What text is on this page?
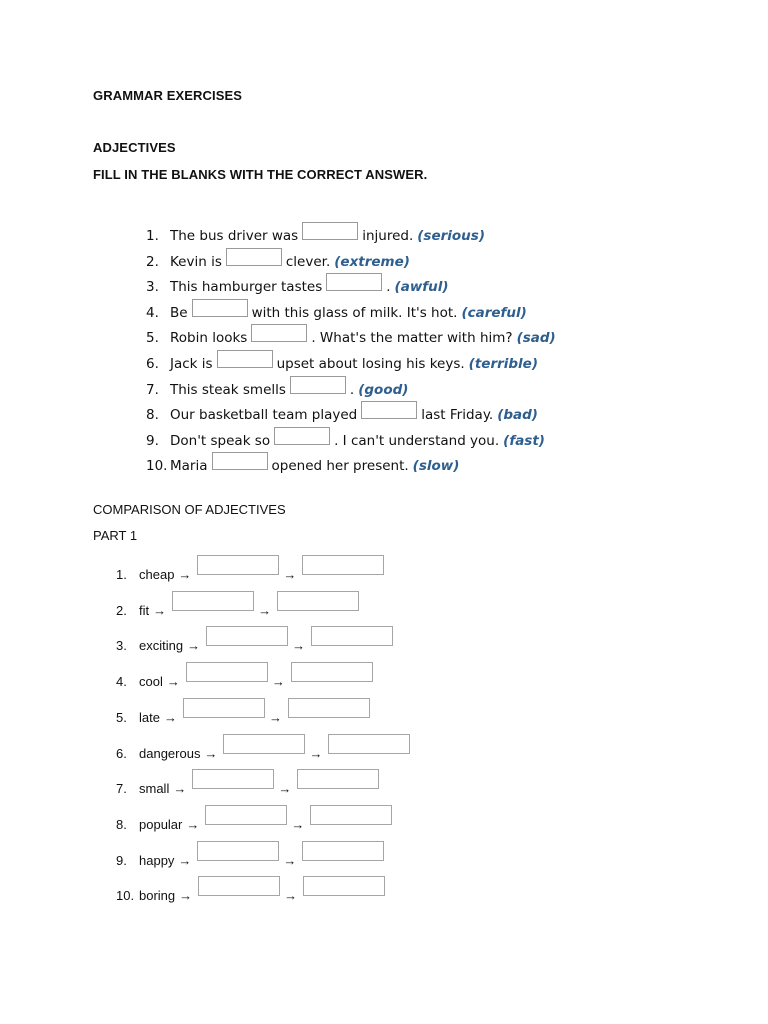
GRAMMAR EXERCISES
ADJECTIVES
FILL IN THE BLANKS WITH THE CORRECT ANSWER.
1. The bus driver was	injured. (serious)
2. Kevin is	clever. (extreme)
3. This hamburger tastes	. (awful)
4. Be	with this glass of milk. It's hot. (careful)
5. Robin looks	. What's the matter with him? (sad)
6. Jack is	upset about losing his keys. (terrible)
7. This steak smells	. (good)
8. Our basketball team played	last Friday. (bad)
9. Don't speak so	. I can't understand you. (fast)
10. Maria	opened her present. (slow)
COMPARISON OF ADJECTIVES
PART 1
1. cheap →	→
2. fit →	→
3. exciting →	→
4. cool →	→
5. late →	→
6. dangerous →	→
7. small →	→
8. popular →	→
9. happy →	→
10. boring →	→
